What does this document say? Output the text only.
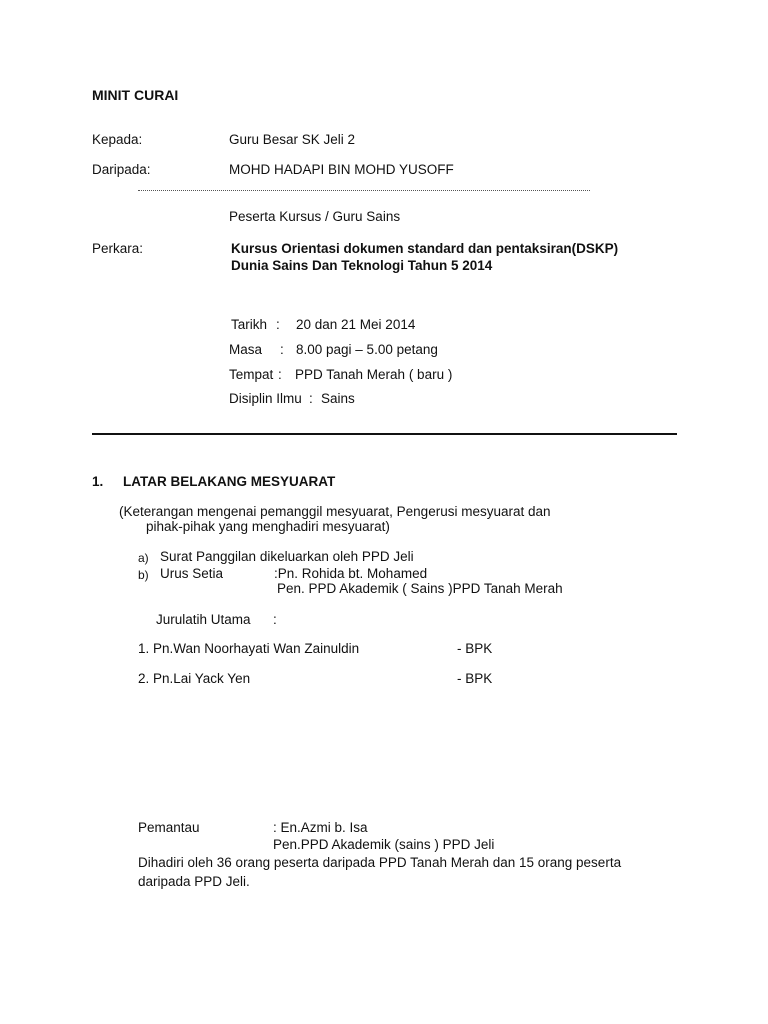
MINIT CURAI
Kepada:	Guru Besar SK Jeli 2
Daripada:	MOHD HADAPI BIN MOHD YUSOFF
Peserta Kursus / Guru Sains
Perkara:	Kursus Orientasi dokumen standard dan pentaksiran(DSKP)
Dunia Sains Dan Teknologi Tahun 5 2014
Tarikh : 20 dan 21 Mei 2014
Masa : 8.00 pagi – 5.00 petang
Tempat : PPD Tanah Merah ( baru )
Disiplin Ilmu : Sains
1. LATAR BELAKANG MESYUARAT
(Keterangan mengenai pemanggil mesyuarat, Pengerusi mesyuarat dan
pihak-pihak yang menghadiri mesyuarat)
a) Surat Panggilan dikeluarkan oleh PPD Jeli
b) Urus Setia	:Pn. Rohida bt. Mohamed
Pen. PPD Akademik ( Sains )PPD Tanah Merah
Jurulatih Utama :
1. Pn.Wan Noorhayati Wan Zainuldin	- BPK
2. Pn.Lai Yack Yen	- BPK
Pemantau	: En.Azmi b. Isa
Pen.PPD Akademik (sains ) PPD Jeli
Dihadiri oleh 36 orang peserta daripada PPD Tanah Merah dan 15 orang peserta
daripada PPD Jeli.
